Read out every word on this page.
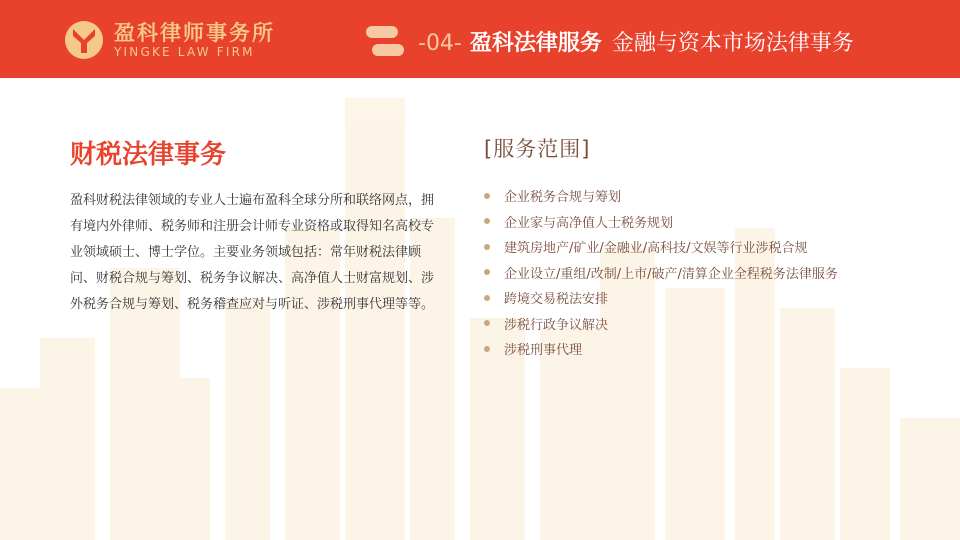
盈科律师事务所
YINGKE LAW FIRM	-04- 盈科法律服务 金融与资本市场法律事务
财税法律事务
盈科财税法律领域的专业人士遍布盈科全球分所和联络网点，拥有境内外律师、税务师和注册会计师专业资格或取得知名高校专业领域硕士、博士学位。主要业务领域包括：常年财税法律顾问、财税合规与筹划、税务争议解决、高净值人士财富规划、涉外税务合规与筹划、税务稽查应对与听证、涉税刑事代理等等。
[服务范围]
企业税务合规与筹划
企业家与高净值人士税务规划
建筑房地产/矿业/金融业/高科技/文娱等行业涉税合规
企业设立/重组/改制/上市/破产/清算企业全程税务法律服务
跨境交易税法安排
涉税行政争议解决
涉税刑事代理
